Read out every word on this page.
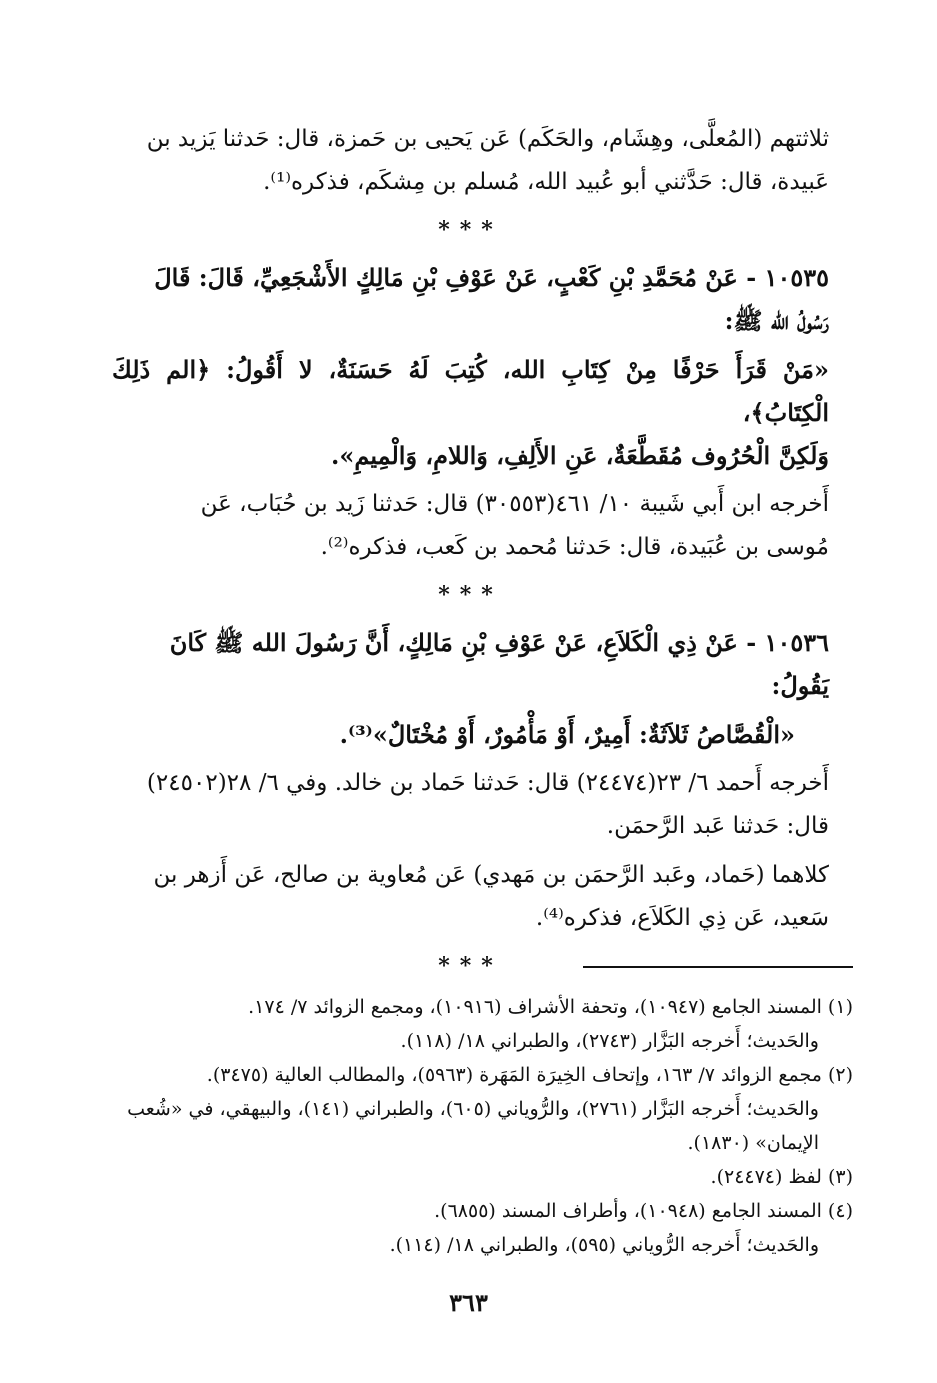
ثلاثتهم (المُعلَّى، وهِشَام، والحَكَم) عَن يَحيى بن حَمزة، قال: حَدثنا يَزيد بن

عَبيدة، قال: حَدَّثني أبو عُبيد الله، مُسلم بن مِشكَم، فذكره⁽¹⁾.

***

١٠٥٣٥ - عَنْ مُحَمَّدِ بْنِ كَعْبٍ، عَنْ عَوْفِ بْنِ مَالِكٍ الأَشْجَعِيِّ، قَالَ: قَالَ

رَسُولُ الله ﷺ:

«مَنْ قَرَأَ حَرْفًا مِنْ كِتَابِ الله، كُتِبَ لَهُ حَسَنَةٌ، لا أَقُولُ: ﴿الم ذَلِكَ الْكِتَابُ﴾،

وَلَكِنَّ الْحُرُوف مُقَطَّعَةٌ، عَنِ الأَلِفِ، وَاللامِ، وَالْمِيمِ».

أَخرجه ابن أَبي شَيبة ١٠/ ٤٦١(٣٠٥٥٣) قال: حَدثنا زَيد بن حُبَاب، عَن

مُوسى بن عُبَيدة، قال: حَدثنا مُحمد بن كَعب، فذكره⁽²⁾.

***

١٠٥٣٦ - عَنْ ذِي الْكَلاَعِ، عَنْ عَوْفِ بْنِ مَالِكٍ، أَنَّ رَسُولَ الله ﷺ كَانَ

يَقُولُ:

«الْقُصَّاصُ ثَلاَثَةٌ: أَمِيرٌ، أَوْ مَأْمُورٌ، أَوْ مُخْتَالٌ»⁽³⁾.

أَخرجه أَحمد ٦/ ٢٣(٢٤٤٧٤) قال: حَدثنا حَماد بن خالد. وفي ٦/ ٢٨(٢٤٥٠٢)

قال: حَدثنا عَبد الرَّحمَن.

كلاهما (حَماد، وعَبد الرَّحمَن بن مَهدي) عَن مُعاوية بن صالح، عَن أَزهر بن

سَعيد، عَن ذِي الكَلاَع، فذكره⁽⁴⁾.

***

(١) المسند الجامع (١٠٩٤٧)، وتحفة الأشراف (١٠٩١٦)، ومجمع الزوائد ٧/ ١٧٤.

والحَديث؛ أَخرجه البَزَّار (٢٧٤٣)، والطبراني ١٨/ (١١٨).

(٢) مجمع الزوائد ٧/ ١٦٣، وإتحاف الخِيرَة المَهَرة (٥٩٦٣)، والمطالب العالية (٣٤٧٥).

والحَديث؛ أَخرجه البَزَّار (٢٧٦١)، والرُّوياني (٦٠٥)، والطبراني (١٤١)، والبيهقي، في «شُعب

الإيمان» (١٨٣٠).

(٣) لفظ (٢٤٤٧٤).

(٤) المسند الجامع (١٠٩٤٨)، وأطراف المسند (٦٨٥٥).

والحَديث؛ أَخرجه الرُّوياني (٥٩٥)، والطبراني ١٨/ (١١٤).

٣٦٣
